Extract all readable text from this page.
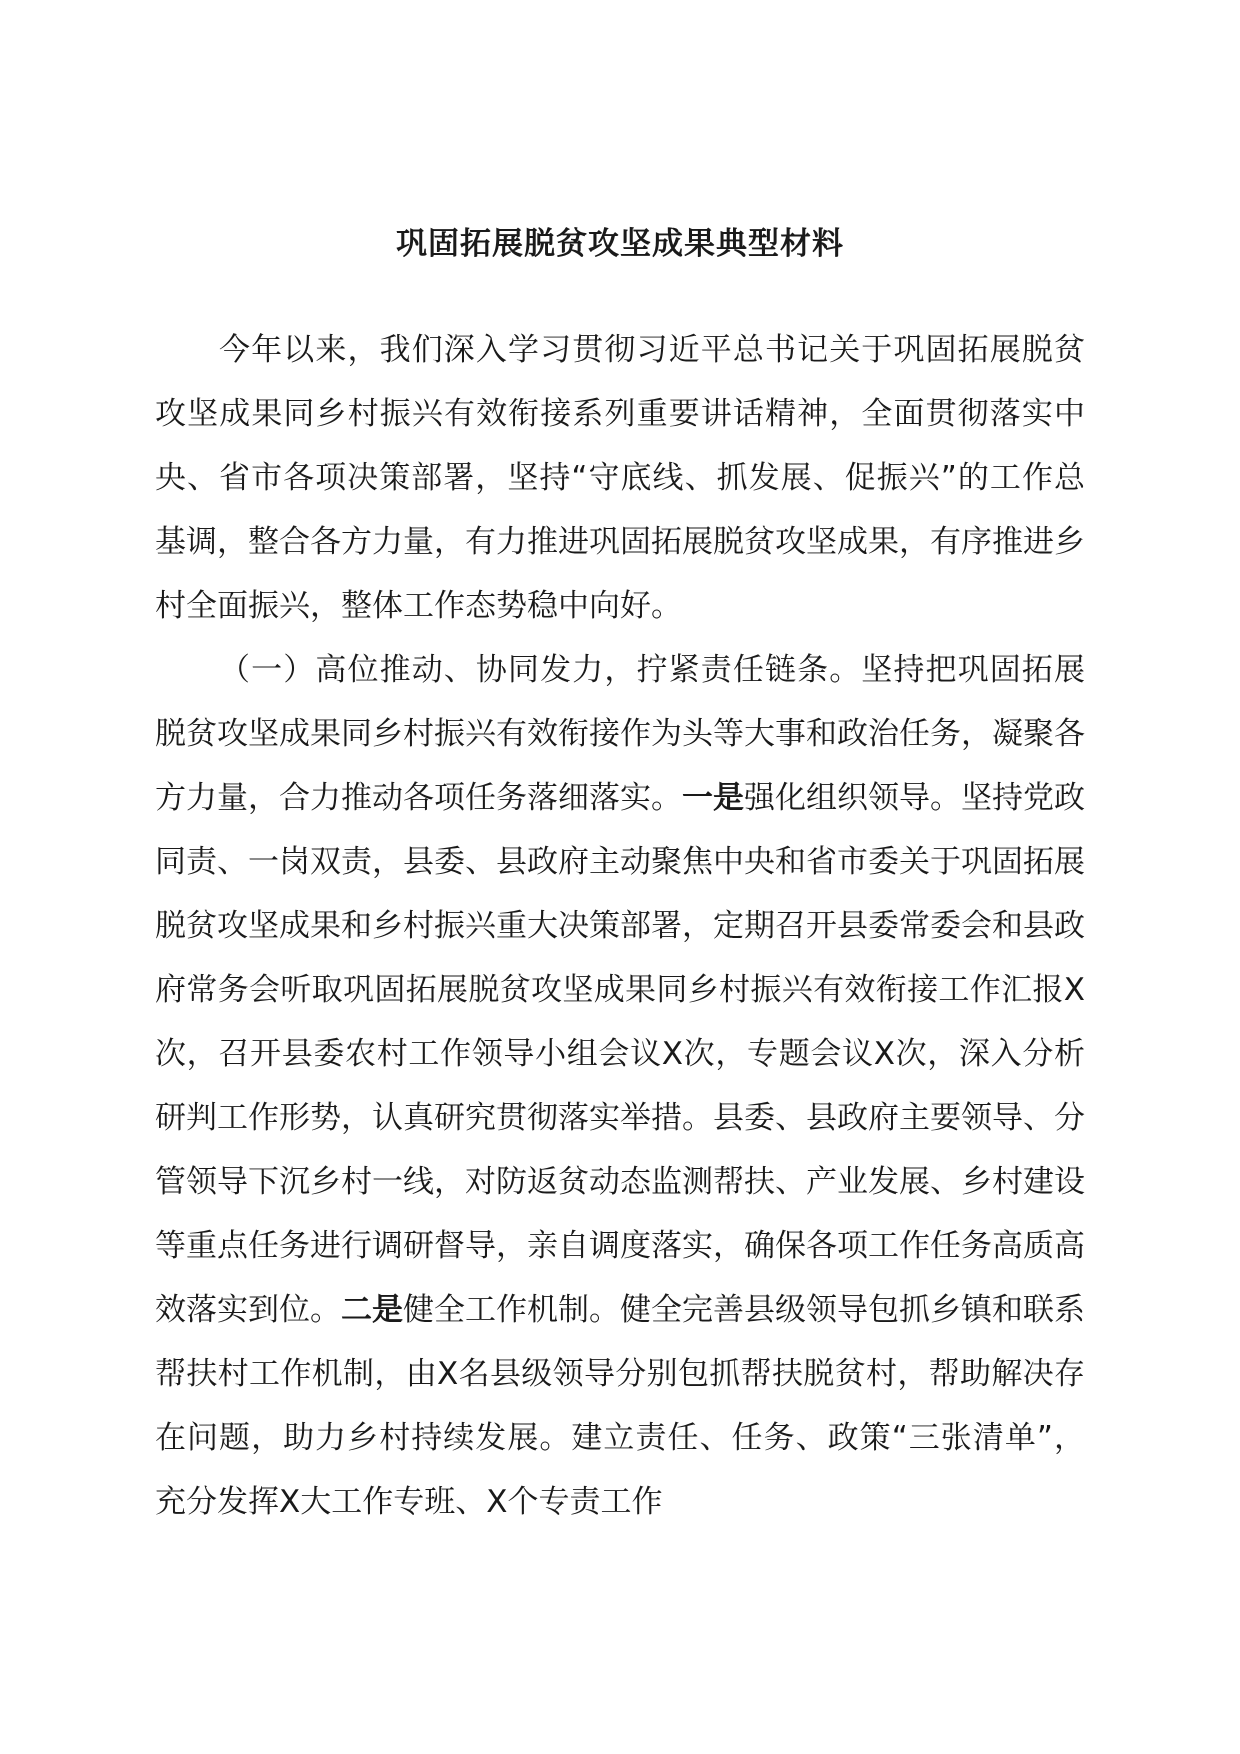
巩固拓展脱贫攻坚成果典型材料

今年以来，我们深入学习贯彻习近平总书记关于巩固拓展脱贫攻坚成果同乡村振兴有效衔接系列重要讲话精神，全面贯彻落实中央、省市各项决策部署，坚持“守底线、抓发展、促振兴”的工作总基调，整合各方力量，有力推进巩固拓展脱贫攻坚成果，有序推进乡村全面振兴，整体工作态势稳中向好。

（一）高位推动、协同发力，拧紧责任链条。坚持把巩固拓展脱贫攻坚成果同乡村振兴有效衔接作为头等大事和政治任务，凝聚各方力量，合力推动各项任务落细落实。一是强化组织领导。坚持党政同责、一岗双责，县委、县政府主动聚焦中央和省市委关于巩固拓展脱贫攻坚成果和乡村振兴重大决策部署，定期召开县委常委会和县政府常务会听取巩固拓展脱贫攻坚成果同乡村振兴有效衔接工作汇报X次，召开县委农村工作领导小组会议X次，专题会议X次，深入分析研判工作形势，认真研究贯彻落实举措。县委、县政府主要领导、分管领导下沉乡村一线，对防返贫动态监测帮扶、产业发展、乡村建设等重点任务进行调研督导，亲自调度落实，确保各项工作任务高质高效落实到位。二是健全工作机制。健全完善县级领导包抓乡镇和联系帮扶村工作机制，由X名县级领导分别包抓帮扶脱贫村，帮助解决存在问题，助力乡村持续发展。建立责任、任务、政策“三张清单”，充分发挥X大工作专班、X个专责工作
